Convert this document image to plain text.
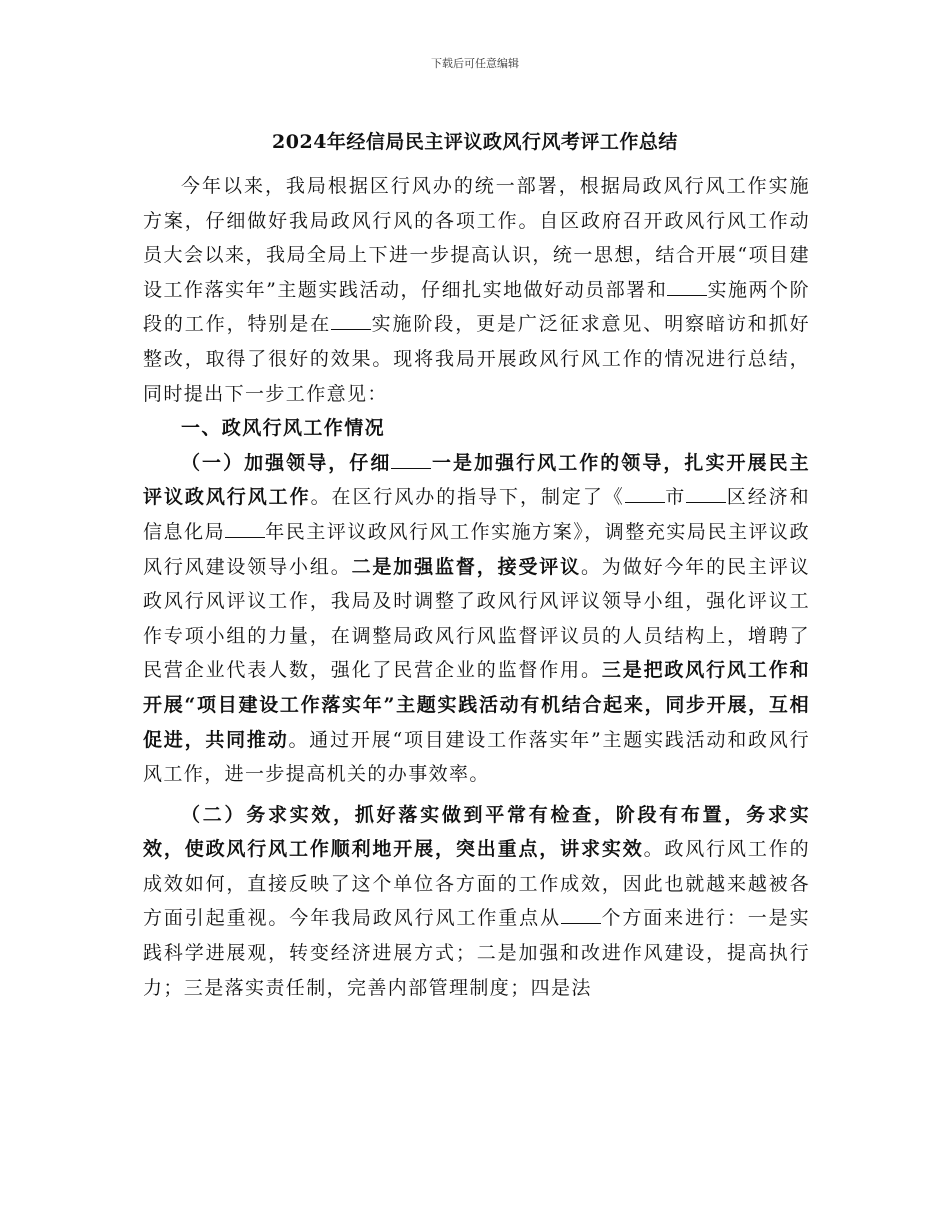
下载后可任意编辑
2024年经信局民主评议政风行风考评工作总结

今年以来，我局根据区行风办的统一部署，根据局政风行风工作实施方案，仔细做好我局政风行风的各项工作。自区政府召开政风行风工作动员大会以来，我局全局上下进一步提高认识，统一思想，结合开展“项目建设工作落实年”主题实践活动，仔细扎实地做好动员部署和 实施两个阶段的工作，特别是在 实施阶段，更是广泛征求意见、明察暗访和抓好整改，取得了很好的效果。现将我局开展政风行风工作的情况进行总结，同时提出下一步工作意见：

一、政风行风工作情况

（一）加强领导，仔细 一是加强行风工作的领导，扎实开展民主评议政风行风工作。在区行风办的指导下，制定了《 市 区经济和信息化局 年民主评议政风行风工作实施方案》，调整充实局民主评议政风行风建设领导小组。二是加强监督，接受评议。为做好今年的民主评议政风行风评议工作，我局及时调整了政风行风评议领导小组，强化评议工作专项小组的力量，在调整局政风行风监督评议员的人员结构上，增聘了民营企业代表人数，强化了民营企业的监督作用。三是把政风行风工作和开展“项目建设工作落实年”主题实践活动有机结合起来，同步开展，互相促进，共同推动。通过开展“项目建设工作落实年”主题实践活动和政风行风工作，进一步提高机关的办事效率。

（二）务求实效，抓好落实做到平常有检查，阶段有布置，务求实效，使政风行风工作顺利地开展，突出重点，讲求实效。政风行风工作的成效如何，直接反映了这个单位各方面的工作成效，因此也就越来越被各方面引起重视。今年我局政风行风工作重点从 个方面来进行：一是实践科学进展观，转变经济进展方式；二是加强和改进作风建设，提高执行力；三是落实责任制，完善内部管理制度；四是法
